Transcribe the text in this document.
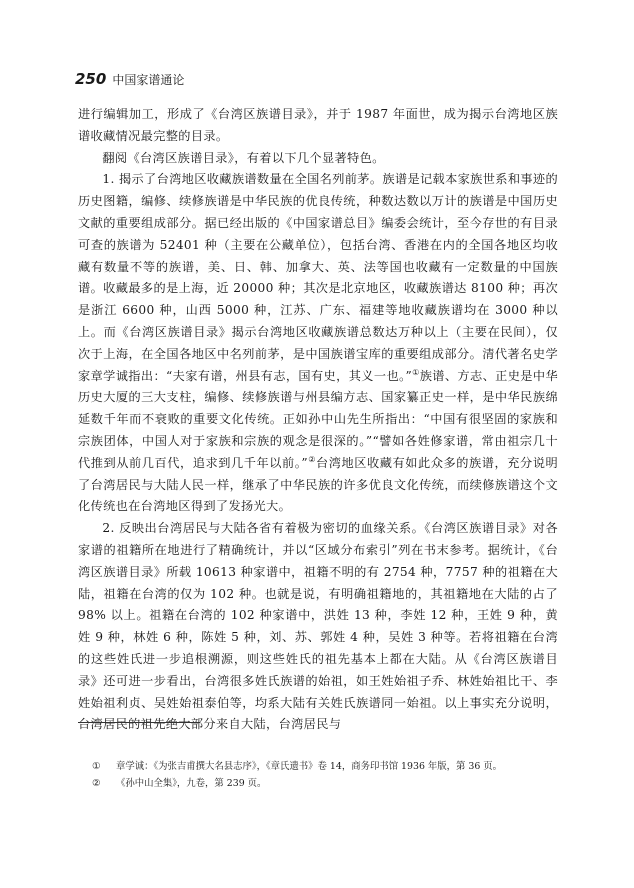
250 中国家谱通论

进行编辑加工，形成了《台湾区族谱目录》，并于 1987 年面世，成为揭示台湾地区族谱收藏情况最完整的目录。

翻阅《台湾区族谱目录》，有着以下几个显著特色。

1. 揭示了台湾地区收藏族谱数量在全国名列前茅。族谱是记载本家族世系和事迹的历史图籍，编修、续修族谱是中华民族的优良传统，种数达数以万计的族谱是中国历史文献的重要组成部分。据已经出版的《中国家谱总目》编委会统计，至今存世的有目录可查的族谱为 52401 种（主要在公藏单位），包括台湾、香港在内的全国各地区均收藏有数量不等的族谱，美、日、韩、加拿大、英、法等国也收藏有一定数量的中国族谱。收藏最多的是上海，近 20000 种；其次是北京地区，收藏族谱达 8100 种；再次是浙江 6600 种，山西 5000 种，江苏、广东、福建等地收藏族谱均在 3000 种以上。而《台湾区族谱目录》揭示台湾地区收藏族谱总数达万种以上（主要在民间），仅次于上海，在全国各地区中名列前茅，是中国族谱宝库的重要组成部分。清代著名史学家章学诚指出：“夫家有谱，州县有志，国有史，其义一也。”①族谱、方志、正史是中华历史大厦的三大支柱，编修、续修族谱与州县编方志、国家纂正史一样，是中华民族绵延数千年而不衰败的重要文化传统。正如孙中山先生所指出：“中国有很坚固的家族和宗族团体，中国人对于家族和宗族的观念是很深的。”“譬如各姓修家谱，常由祖宗几十代推到从前几百代，追求到几千年以前。”②台湾地区收藏有如此众多的族谱，充分说明了台湾居民与大陆人民一样，继承了中华民族的许多优良文化传统，而续修族谱这个文化传统也在台湾地区得到了发扬光大。

2. 反映出台湾居民与大陆各省有着极为密切的血缘关系。《台湾区族谱目录》对各家谱的祖籍所在地进行了精确统计，并以“区域分布索引”列在书末参考。据统计，《台湾区族谱目录》所载 10613 种家谱中，祖籍不明的有 2754 种，7757 种的祖籍在大陆，祖籍在台湾的仅为 102 种。也就是说，有明确祖籍地的，其祖籍地在大陆的占了 98% 以上。祖籍在台湾的 102 种家谱中，洪姓 13 种，李姓 12 种，王姓 9 种，黄姓 9 种，林姓 6 种，陈姓 5 种，刘、苏、郭姓 4 种，吴姓 3 种等。若将祖籍在台湾的这些姓氏进一步追根溯源，则这些姓氏的祖先基本上都在大陆。从《台湾区族谱目录》还可进一步看出，台湾很多姓氏族谱的始祖，如王姓始祖子乔、林姓始祖比干、李姓始祖利贞、吴姓始祖泰伯等，均系大陆有关姓氏族谱同一始祖。以上事实充分说明，台湾居民的祖先绝大部分来自大陆，台湾居民与

①	章学诚：《为张吉甫撰大名县志序》，《章氏遗书》卷 14，商务印书馆 1936 年版，第 36 页。
②	《孙中山全集》，九卷，第 239 页。
